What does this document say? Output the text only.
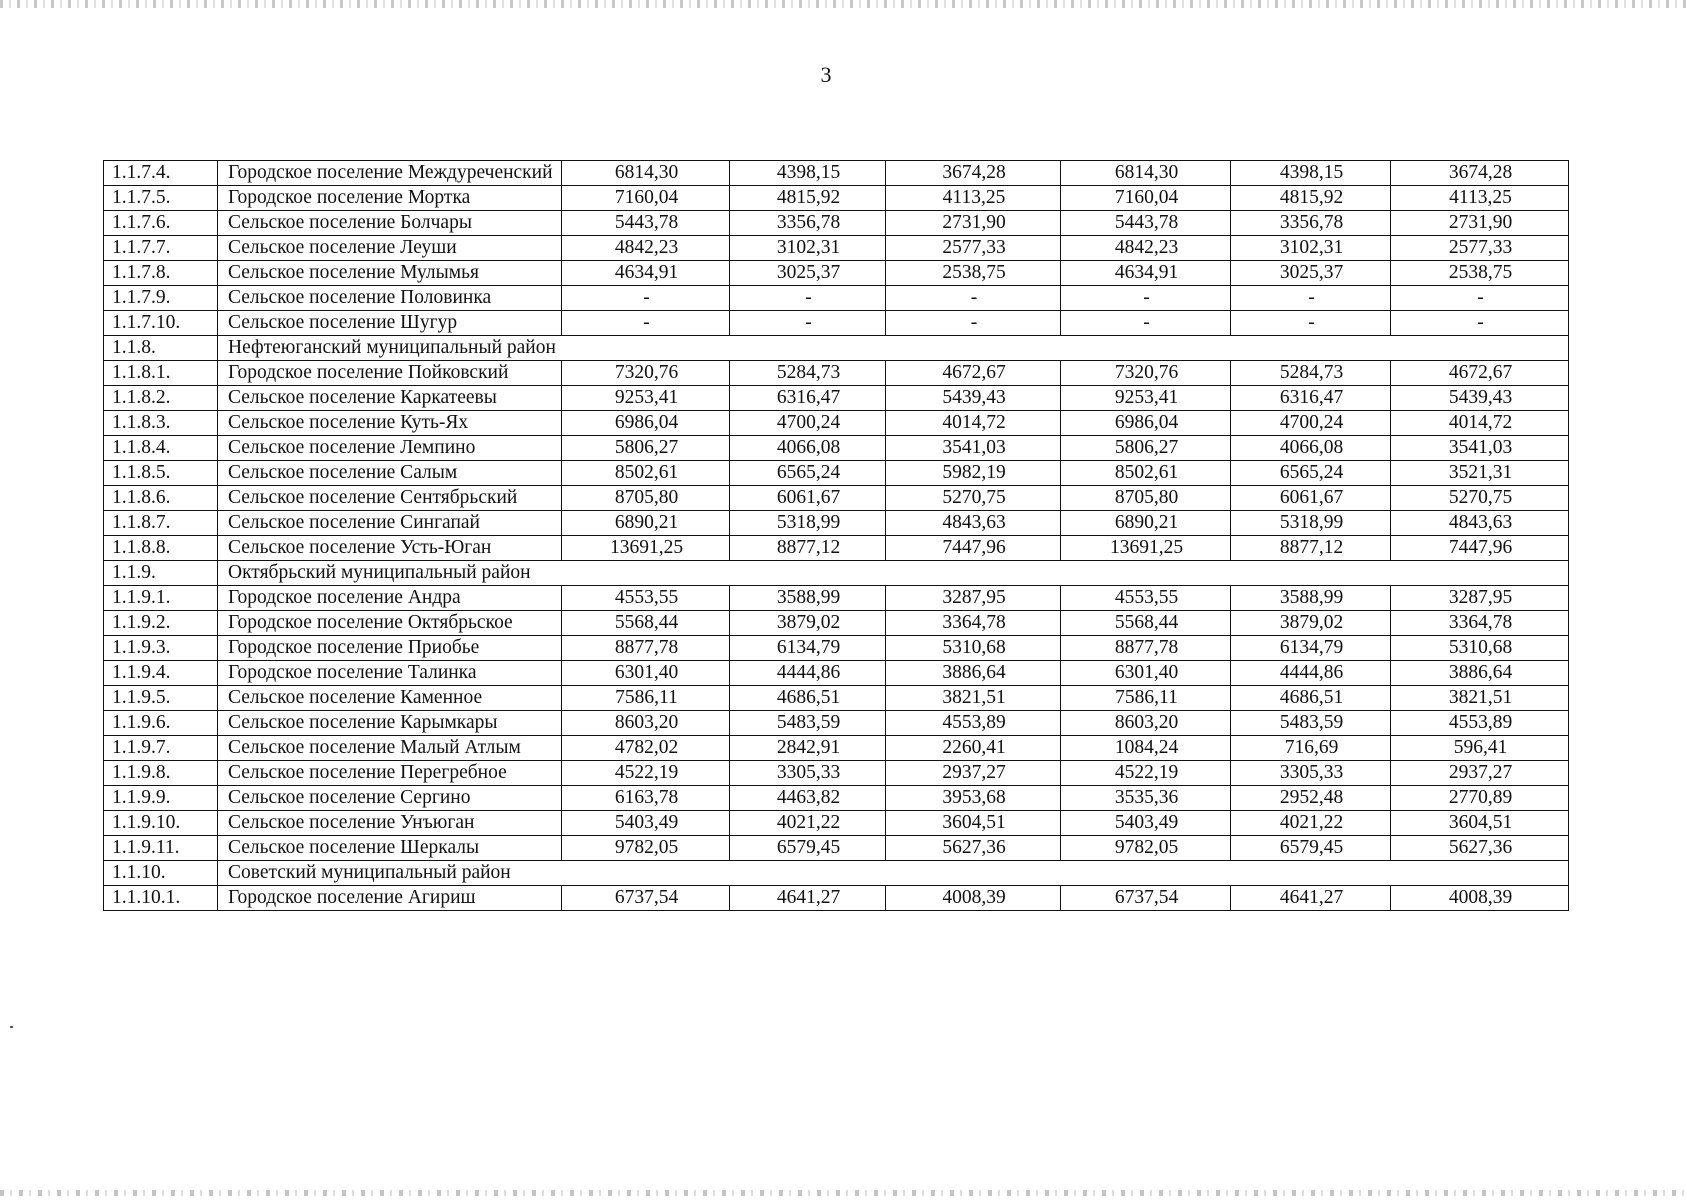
3
1.1.7.4.	Городское поселение Междуреченский	6814,30	4398,15	3674,28	6814,30	4398,15	3674,28
1.1.7.5.	Городское поселение Мортка	7160,04	4815,92	4113,25	7160,04	4815,92	4113,25
1.1.7.6.	Сельское поселение Болчары	5443,78	3356,78	2731,90	5443,78	3356,78	2731,90
1.1.7.7.	Сельское поселение Леуши	4842,23	3102,31	2577,33	4842,23	3102,31	2577,33
1.1.7.8.	Сельское поселение Мулымья	4634,91	3025,37	2538,75	4634,91	3025,37	2538,75
1.1.7.9.	Сельское поселение Половинка	-	-	-	-	-	-
1.1.7.10.	Сельское поселение Шугур	-	-	-	-	-	-
1.1.8.	Нефтеюганский муниципальный район						
1.1.8.1.	Городское поселение Пойковский	7320,76	5284,73	4672,67	7320,76	5284,73	4672,67
1.1.8.2.	Сельское поселение Каркатеевы	9253,41	6316,47	5439,43	9253,41	6316,47	5439,43
1.1.8.3.	Сельское поселение Куть-Ях	6986,04	4700,24	4014,72	6986,04	4700,24	4014,72
1.1.8.4.	Сельское поселение Лемпино	5806,27	4066,08	3541,03	5806,27	4066,08	3541,03
1.1.8.5.	Сельское поселение Салым	8502,61	6565,24	5982,19	8502,61	6565,24	3521,31
1.1.8.6.	Сельское поселение Сентябрьский	8705,80	6061,67	5270,75	8705,80	6061,67	5270,75
1.1.8.7.	Сельское поселение Сингапай	6890,21	5318,99	4843,63	6890,21	5318,99	4843,63
1.1.8.8.	Сельское поселение Усть-Юган	13691,25	8877,12	7447,96	13691,25	8877,12	7447,96
1.1.9.	Октябрьский муниципальный район						
1.1.9.1.	Городское поселение Андра	4553,55	3588,99	3287,95	4553,55	3588,99	3287,95
1.1.9.2.	Городское поселение Октябрьское	5568,44	3879,02	3364,78	5568,44	3879,02	3364,78
1.1.9.3.	Городское поселение Приобье	8877,78	6134,79	5310,68	8877,78	6134,79	5310,68
1.1.9.4.	Городское поселение Талинка	6301,40	4444,86	3886,64	6301,40	4444,86	3886,64
1.1.9.5.	Сельское поселение Каменное	7586,11	4686,51	3821,51	7586,11	4686,51	3821,51
1.1.9.6.	Сельское поселение Карымкары	8603,20	5483,59	4553,89	8603,20	5483,59	4553,89
1.1.9.7.	Сельское поселение Малый Атлым	4782,02	2842,91	2260,41	1084,24	716,69	596,41
1.1.9.8.	Сельское поселение Перегребное	4522,19	3305,33	2937,27	4522,19	3305,33	2937,27
1.1.9.9.	Сельское поселение Сергино	6163,78	4463,82	3953,68	3535,36	2952,48	2770,89
1.1.9.10.	Сельское поселение Унъюган	5403,49	4021,22	3604,51	5403,49	4021,22	3604,51
1.1.9.11.	Сельское поселение Шеркалы	9782,05	6579,45	5627,36	9782,05	6579,45	5627,36
1.1.10.	Советский муниципальный район						
1.1.10.1.	Городское поселение Агириш	6737,54	4641,27	4008,39	6737,54	4641,27	4008,39
